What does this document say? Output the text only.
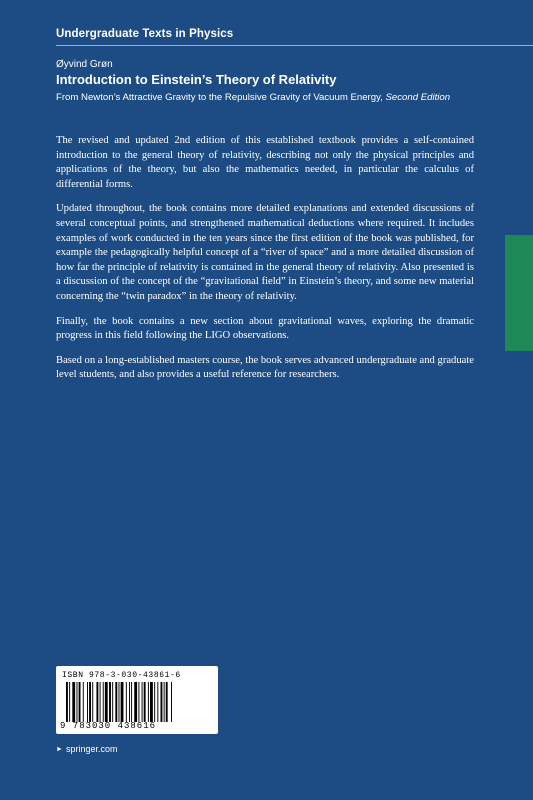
Undergraduate Texts in Physics
Øyvind Grøn
Introduction to Einstein’s Theory of Relativity
From Newton’s Attractive Gravity to the Repulsive Gravity of Vacuum Energy, Second Edition

The revised and updated 2nd edition of this established textbook provides a self-contained introduction to the general theory of relativity, describing not only the physical principles and applications of the theory, but also the mathematics needed, in particular the calculus of differential forms.

Updated throughout, the book contains more detailed explanations and extended discussions of several conceptual points, and strengthened mathematical deductions where required. It includes examples of work conducted in the ten years since the first edition of the book was published, for example the pedagogically helpful concept of a “river of space” and a more detailed discussion of how far the principle of relativity is contained in the general theory of relativity. Also presented is a discussion of the concept of the “gravitational field” in Einstein’s theory, and some new material concerning the “twin paradox” in the theory of relativity.

Finally, the book contains a new section about gravitational waves, exploring the dramatic progress in this field following the LIGO observations.

Based on a long-established masters course, the book serves advanced undergraduate and graduate level students, and also provides a useful reference for researchers.

ISBN 978-3-030-43861-6
9 783030 438616
► springer.com
